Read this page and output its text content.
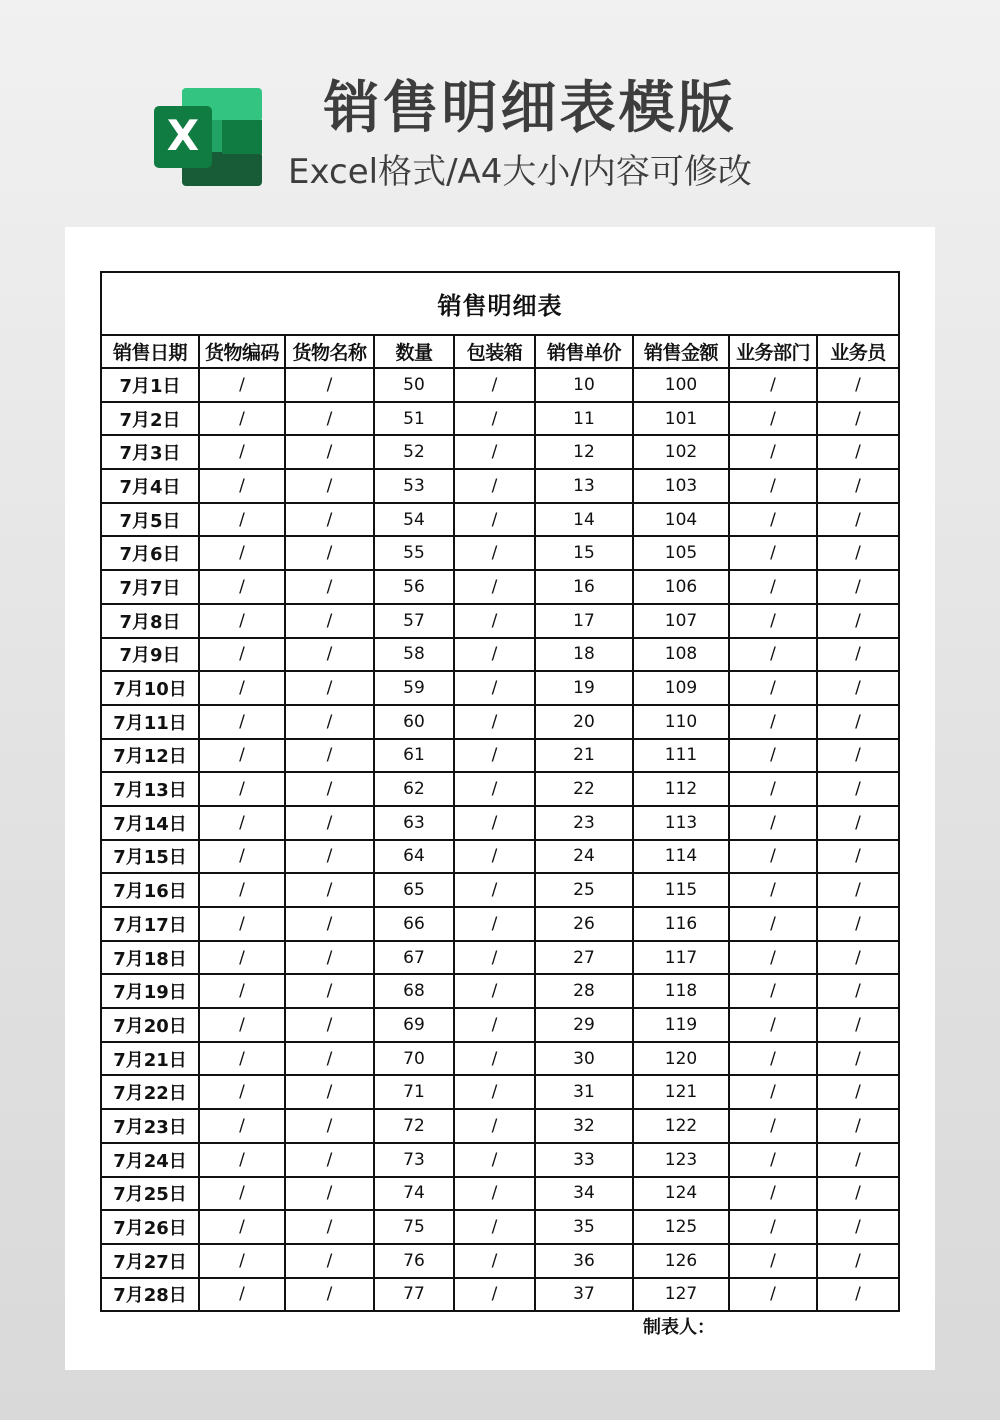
X	销售明细表模版
Excel格式/A4大小/内容可修改
销售明细表								
销售日期	货物编码	货物名称	数量	包装箱	销售单价	销售金额	业务部门	业务员
7月1日	/	/	50	/	10	100	/	/
7月2日	/	/	51	/	11	101	/	/
7月3日	/	/	52	/	12	102	/	/
7月4日	/	/	53	/	13	103	/	/
7月5日	/	/	54	/	14	104	/	/
7月6日	/	/	55	/	15	105	/	/
7月7日	/	/	56	/	16	106	/	/
7月8日	/	/	57	/	17	107	/	/
7月9日	/	/	58	/	18	108	/	/
7月10日	/	/	59	/	19	109	/	/
7月11日	/	/	60	/	20	110	/	/
7月12日	/	/	61	/	21	111	/	/
7月13日	/	/	62	/	22	112	/	/
7月14日	/	/	63	/	23	113	/	/
7月15日	/	/	64	/	24	114	/	/
7月16日	/	/	65	/	25	115	/	/
7月17日	/	/	66	/	26	116	/	/
7月18日	/	/	67	/	27	117	/	/
7月19日	/	/	68	/	28	118	/	/
7月20日	/	/	69	/	29	119	/	/
7月21日	/	/	70	/	30	120	/	/
7月22日	/	/	71	/	31	121	/	/
7月23日	/	/	72	/	32	122	/	/
7月24日	/	/	73	/	33	123	/	/
7月25日	/	/	74	/	34	124	/	/
7月26日	/	/	75	/	35	125	/	/
7月27日	/	/	76	/	36	126	/	/
7月28日	/	/	77	/	37	127	/	/
制表人：
